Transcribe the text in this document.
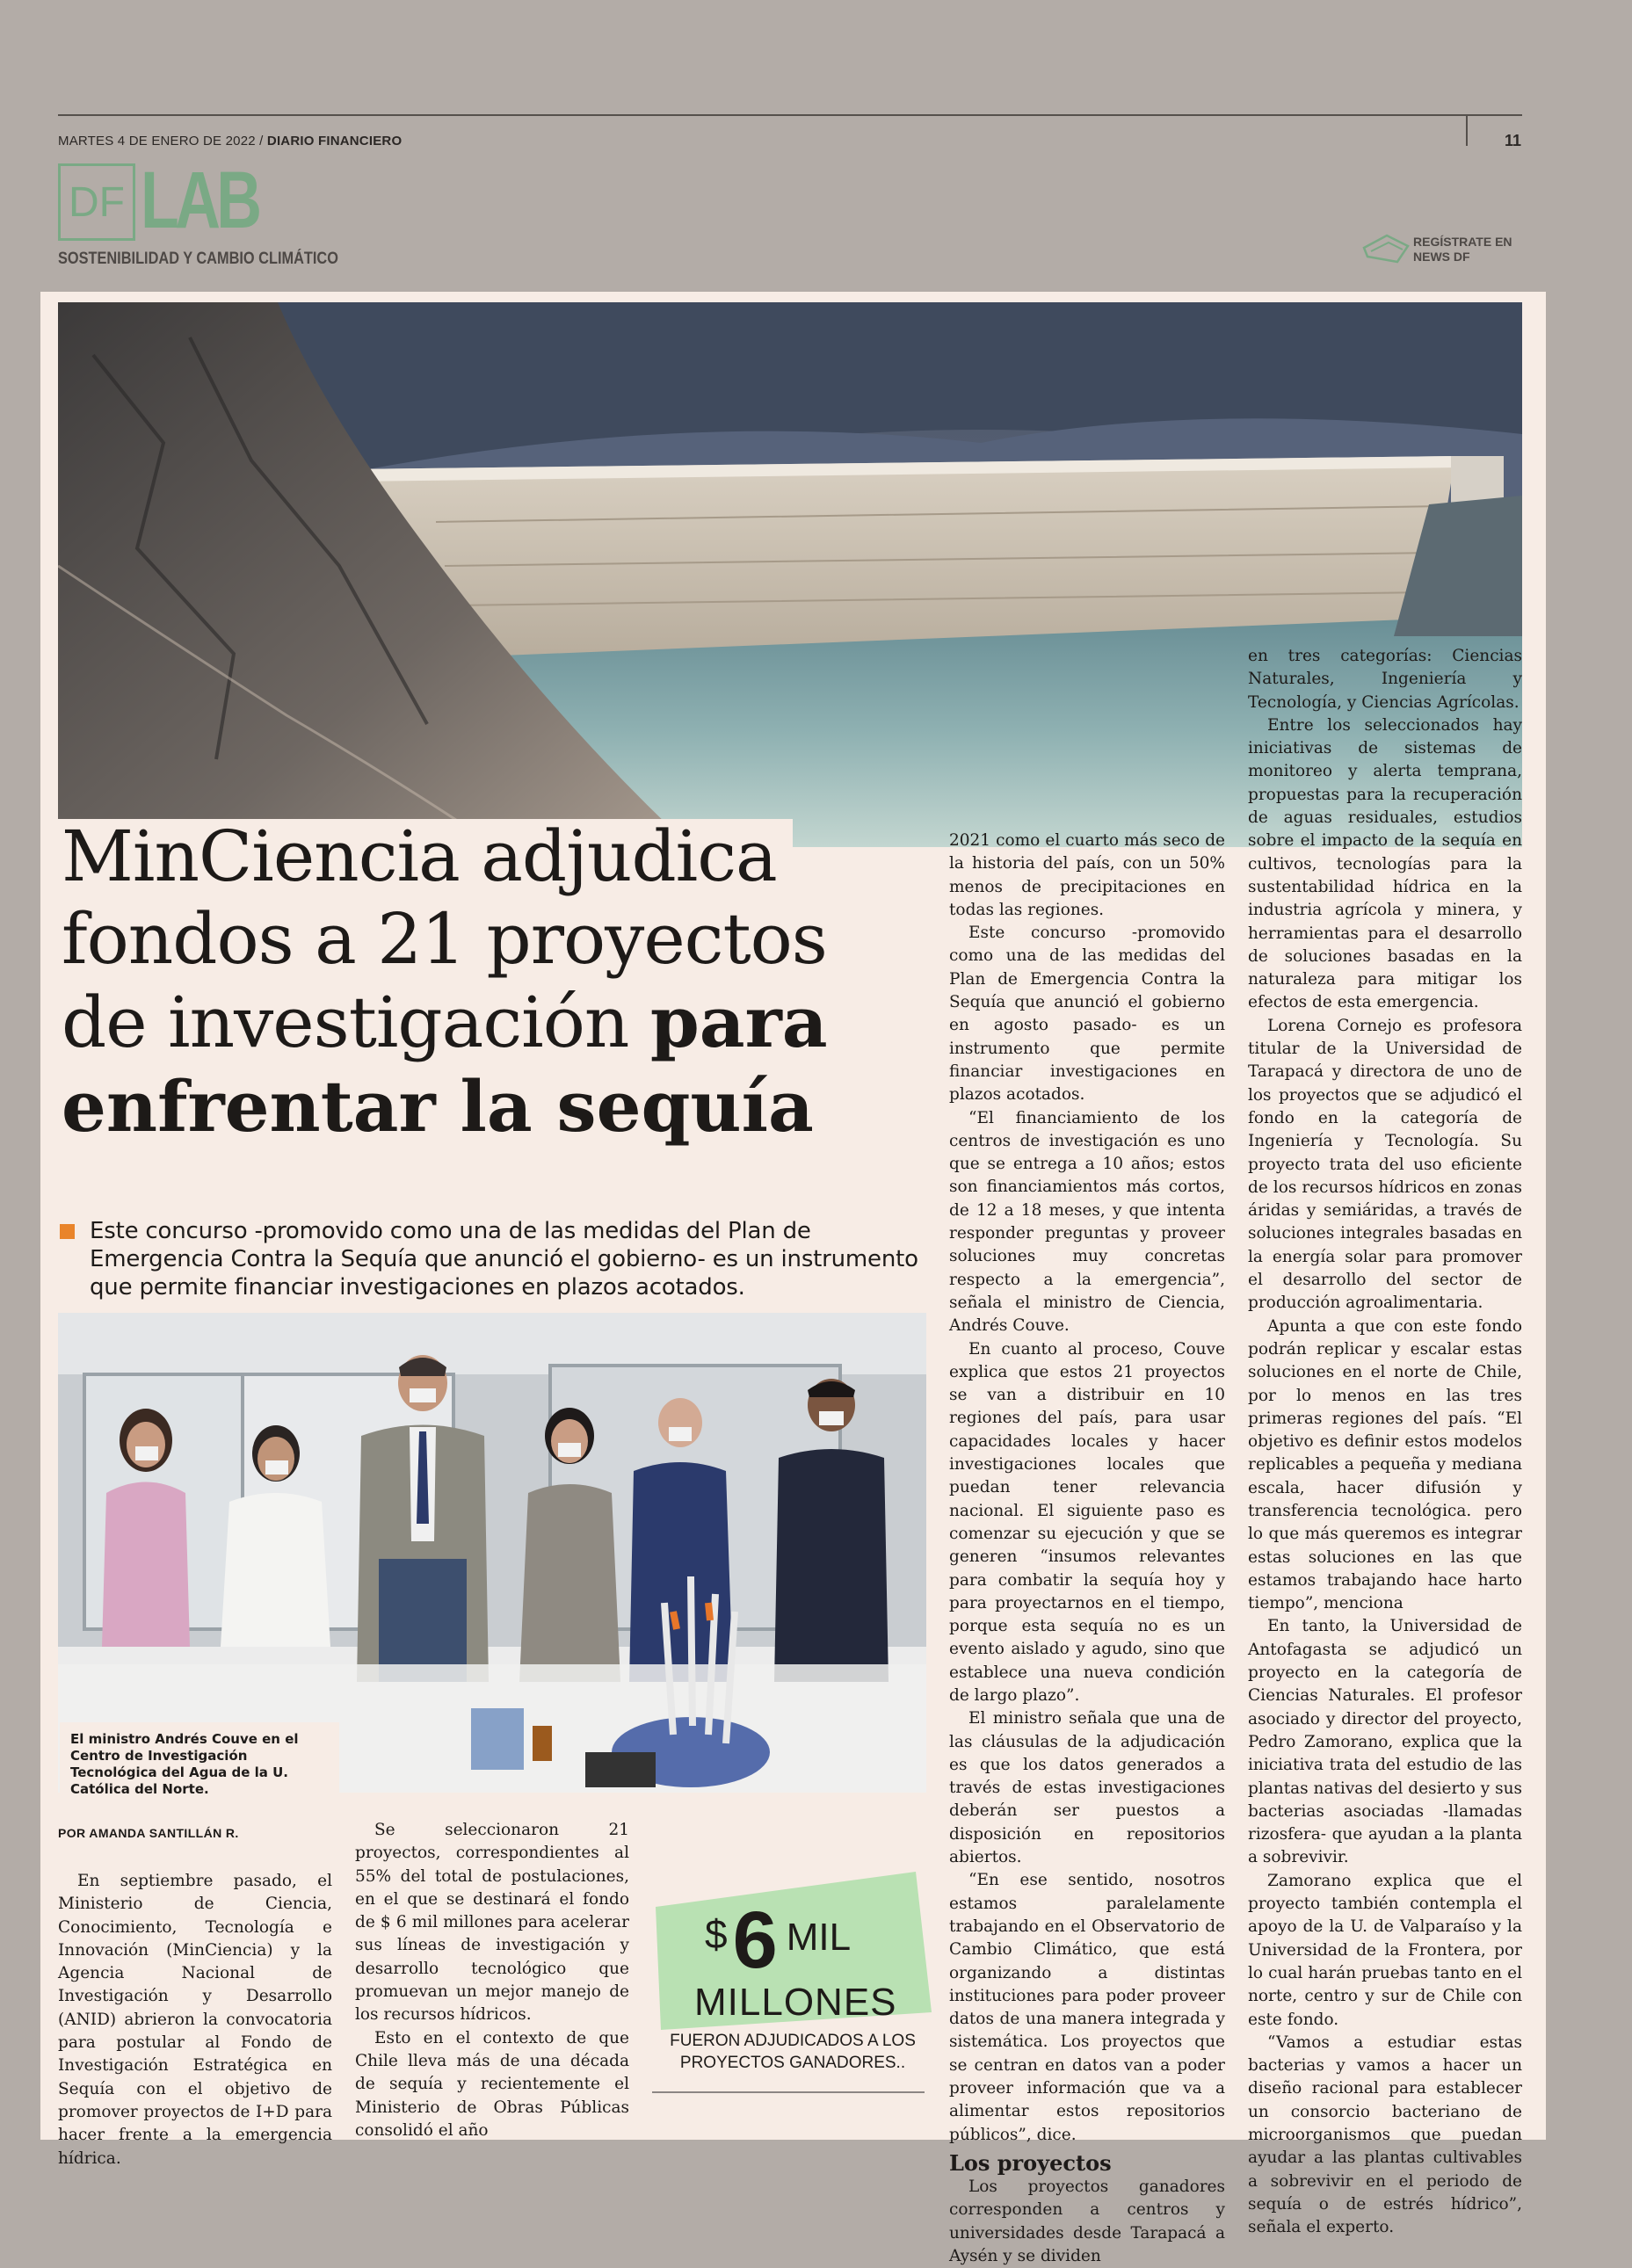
MARTES 4 DE ENERO DE 2022 / DIARIO FINANCIERO	11
DF LAB
SOSTENIBILIDAD Y CAMBIO CLIMÁTICO
REGÍSTRATE EN
NEWS DF
MinCiencia adjudica
fondos a 21 proyectos
de investigación para
enfrentar la sequía

Este concurso -promovido como una de las medidas del Plan de Emergencia Contra la Sequía que anunció el gobierno- es un instrumento que permite financiar investigaciones en plazos acotados.

El ministro Andrés Couve en el Centro de Investigación Tecnológica del Agua de la U. Católica del Norte.
POR AMANDA SANTILLÁN R.

En septiembre pasado, el Ministerio de Ciencia, Conocimiento, Tecnología e Innovación (MinCiencia) y la Agencia Nacional de Investigación y Desarrollo (ANID) abrieron la convocatoria para postular al Fondo de Investigación Estratégica en Sequía con el objetivo de promover proyectos de I+D para hacer frente a la emergencia hídrica.

Se seleccionaron 21 proyectos, correspondientes al 55% del total de postulaciones, en el que se destinará el fondo de $ 6 mil millones para acelerar sus líneas de investigación y desarrollo tecnológico que promuevan un mejor manejo de los recursos hídricos.

Esto en el contexto de que Chile lleva más de una década de sequía y recientemente el Ministerio de Obras Públicas consolidó el año

$6 MIL
MILLONES
FUERON ADJUDICADOS A LOS PROYECTOS GANADORES..

2021 como el cuarto más seco de la historia del país, con un 50% menos de precipitaciones en todas las regiones.

Este concurso -promovido como una de las medidas del Plan de Emergencia Contra la Sequía que anunció el gobierno en agosto pasado- es un instrumento que permite financiar investigaciones en plazos acotados.

“El financiamiento de los centros de investigación es uno que se entrega a 10 años; estos son financiamientos más cortos, de 12 a 18 meses, y que intenta responder preguntas y proveer soluciones muy concretas respecto a la emergencia”, señala el ministro de Ciencia, Andrés Couve.

En cuanto al proceso, Couve explica que estos 21 proyectos se van a distribuir en 10 regiones del país, para usar capacidades locales y hacer investigaciones locales que puedan tener relevancia nacional. El siguiente paso es comenzar su ejecución y que se generen “insumos relevantes para combatir la sequía hoy y para proyectarnos en el tiempo, porque esta sequía no es un evento aislado y agudo, sino que establece una nueva condición de largo plazo”.

El ministro señala que una de las cláusulas de la adjudicación es que los datos generados a través de estas investigaciones deberán ser puestos a disposición en repositorios abiertos.

“En ese sentido, nosotros estamos paralelamente trabajando en el Observatorio de Cambio Climático, que está organizando a distintas instituciones para poder proveer datos de una manera integrada y sistemática. Los proyectos que se centran en datos van a poder proveer información que va a alimentar estos repositorios públicos”, dice.

Los proyectos

Los proyectos ganadores corresponden a centros y universidades desde Tarapacá a Aysén y se dividen

en tres categorías: Ciencias Naturales, Ingeniería y Tecnología, y Ciencias Agrícolas.

Entre los seleccionados hay iniciativas de sistemas de monitoreo y alerta temprana, propuestas para la recuperación de aguas residuales, estudios sobre el impacto de la sequía en cultivos, tecnologías para la sustentabilidad hídrica en la industria agrícola y minera, y herramientas para el desarrollo de soluciones basadas en la naturaleza para mitigar los efectos de esta emergencia.

Lorena Cornejo es profesora titular de la Universidad de Tarapacá y directora de uno de los proyectos que se adjudicó el fondo en la categoría de Ingeniería y Tecnología. Su proyecto trata del uso eficiente de los recursos hídricos en zonas áridas y semiáridas, a través de soluciones integrales basadas en la energía solar para promover el desarrollo del sector de producción agroalimentaria.

Apunta a que con este fondo podrán replicar y escalar estas soluciones en el norte de Chile, por lo menos en las tres primeras regiones del país. “El objetivo es definir estos modelos replicables a pequeña y mediana escala, hacer difusión y transferencia tecnológica. pero lo que más queremos es integrar estas soluciones en las que estamos trabajando hace harto tiempo”, menciona

En tanto, la Universidad de Antofagasta se adjudicó un proyecto en la categoría de Ciencias Naturales. El profesor asociado y director del proyecto, Pedro Zamorano, explica que la iniciativa trata del estudio de las plantas nativas del desierto y sus bacterias asociadas -llamadas rizosfera- que ayudan a la planta a sobrevivir.

Zamorano explica que el proyecto también contempla el apoyo de la U. de Valparaíso y la Universidad de la Frontera, por lo cual harán pruebas tanto en el norte, centro y sur de Chile con este fondo.

“Vamos a estudiar estas bacterias y vamos a hacer un diseño racional para establecer un consorcio bacteriano de microorganismos que puedan ayudar a las plantas cultivables a sobrevivir en el periodo de sequía o de estrés hídrico”, señala el experto.
